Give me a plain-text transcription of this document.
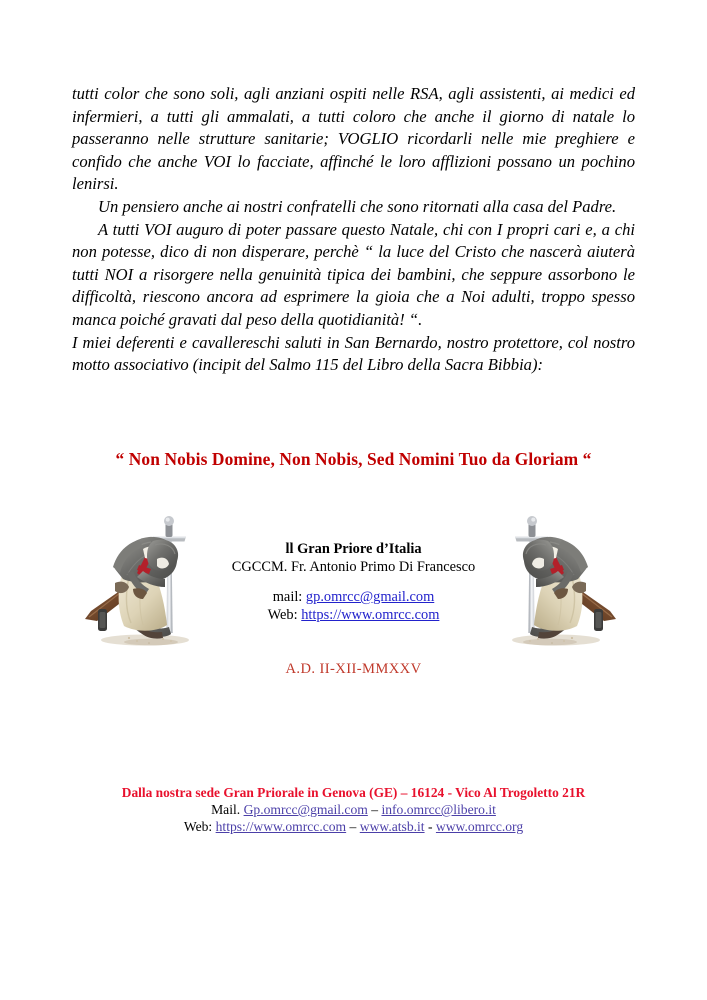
tutti color che sono soli, agli anziani ospiti nelle RSA, agli assistenti, ai medici ed infermieri, a tutti gli ammalati, a tutti coloro che anche il giorno di natale lo passeranno nelle strutture sanitarie; VOGLIO ricordarli nelle mie preghiere e confido che anche VOI lo facciate, affinché le loro afflizioni possano un pochino lenirsi.

Un pensiero anche ai nostri confratelli che sono ritornati alla casa del Padre.

A tutti VOI auguro di poter passare questo Natale, chi con I propri cari e, a chi non potesse, dico di non disperare, perchè “ la luce del Cristo che nascerà aiuterà tutti NOI a risorgere nella genuinità tipica dei bambini, che seppure assorbono le difficoltà, riescono ancora ad esprimere la gioia che a Noi adulti, troppo spesso manca poiché gravati dal peso della quotidianità! “.

I miei deferenti e cavallereschi saluti in San Bernardo, nostro protettore, col nostro motto associativo (incipit del Salmo 115 del Libro della Sacra Bibbia):

“ Non Nobis Domine, Non Nobis, Sed Nomini Tuo da Gloriam “
ll Gran Priore d’Italia
CGCCM. Fr. Antonio Primo Di Francesco
mail: gp.omrcc@gmail.com
Web: https://www.omrcc.com
A.D. II-XII-MMXXV
Dalla nostra sede Gran Priorale in Genova (GE) – 16124 - Vico Al Trogoletto 21R
Mail. Gp.omrcc@gmail.com – info.omrcc@libero.it
Web: https://www.omrcc.com – www.atsb.it - www.omrcc.org
